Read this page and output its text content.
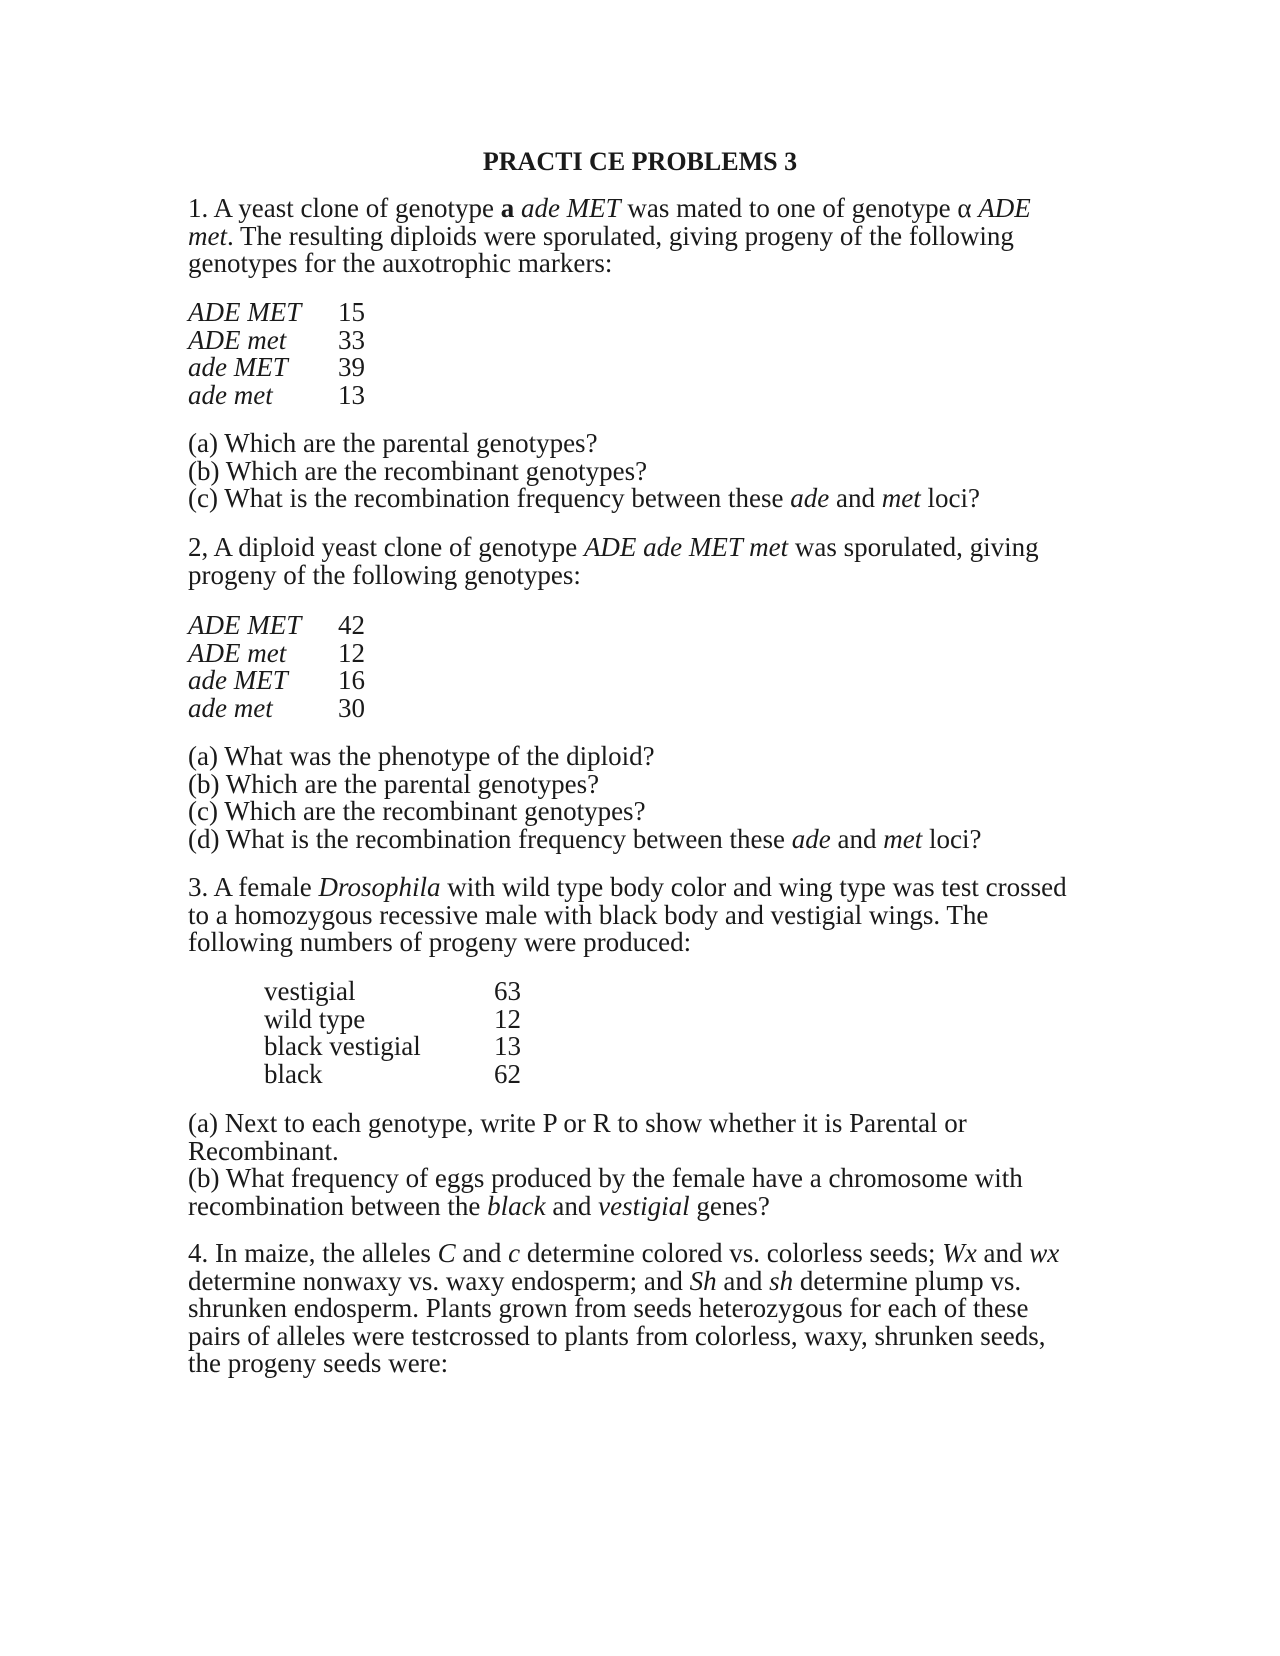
PRACTI CE PROBLEMS 3
1. A yeast clone of genotype a ade MET was mated to one of genotype α ADE
met. The resulting diploids were sporulated, giving progeny of the following
genotypes for the auxotrophic markers:
ADE MET	15
ADE met	33
ade MET	39
ade met	13
(a) Which are the parental genotypes?
(b) Which are the recombinant genotypes?
(c) What is the recombination frequency between these ade and met loci?
2, A diploid yeast clone of genotype ADE ade MET met was sporulated, giving
progeny of the following genotypes:
ADE MET	42
ADE met	12
ade MET	16
ade met	30
(a) What was the phenotype of the diploid?
(b) Which are the parental genotypes?
(c) Which are the recombinant genotypes?
(d) What is the recombination frequency between these ade and met loci?
3. A female Drosophila with wild type body color and wing type was test crossed
to a homozygous recessive male with black body and vestigial wings. The
following numbers of progeny were produced:
vestigial	63
wild type	12
black vestigial	13
black	62
(a) Next to each genotype, write P or R to show whether it is Parental or
Recombinant.
(b) What frequency of eggs produced by the female have a chromosome with
recombination between the black and vestigial genes?
4. In maize, the alleles C and c determine colored vs. colorless seeds; Wx and wx
determine nonwaxy vs. waxy endosperm; and Sh and sh determine plump vs.
shrunken endosperm. Plants grown from seeds heterozygous for each of these
pairs of alleles were testcrossed to plants from colorless, waxy, shrunken seeds,
the progeny seeds were:
